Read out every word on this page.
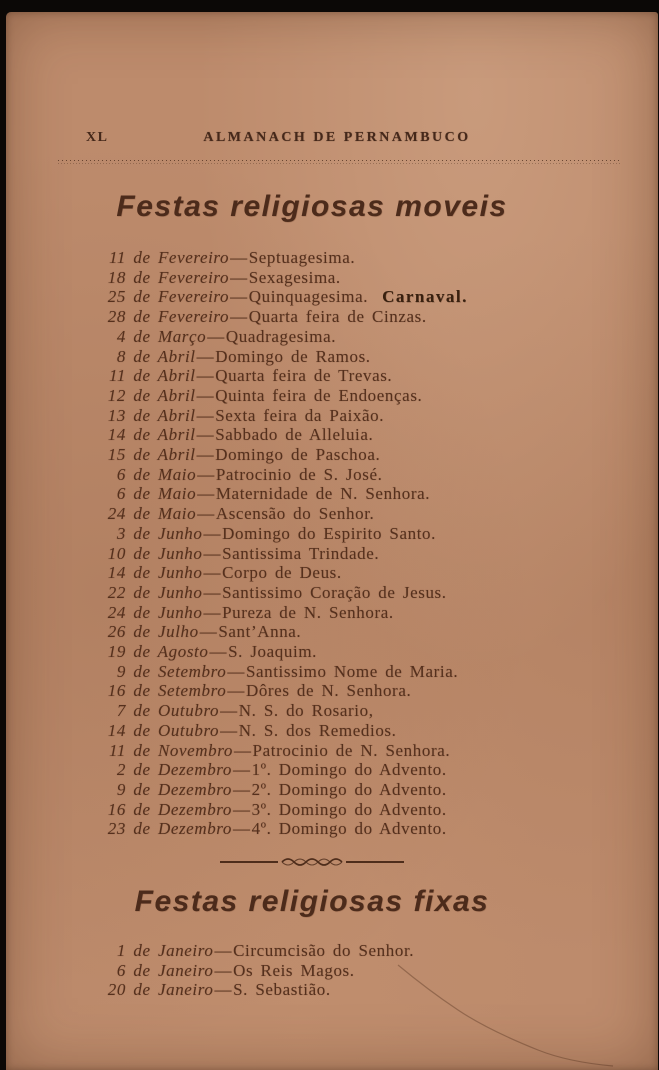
XL	ALMANACH DE PERNAMBUCO
Festas religiosas moveis
11 de Fevereiro—Septuagesima.
18 de Fevereiro—Sexagesima.
25 de Fevereiro—Quinquagesima. Carnaval.
28 de Fevereiro—Quarta feira de Cinzas.
4 de Março—Quadragesima.
8 de Abril—Domingo de Ramos.
11 de Abril—Quarta feira de Trevas.
12 de Abril—Quinta feira de Endoenças.
13 de Abril—Sexta feira da Paixão.
14 de Abril—Sabbado de Alleluia.
15 de Abril—Domingo de Paschoa.
6 de Maio—Patrocinio de S. José.
6 de Maio—Maternidade de N. Senhora.
24 de Maio—Ascensão do Senhor.
3 de Junho—Domingo do Espirito Santo.
10 de Junho—Santissima Trindade.
14 de Junho—Corpo de Deus.
22 de Junho—Santissimo Coração de Jesus.
24 de Junho—Pureza de N. Senhora.
26 de Julho—Sant’Anna.
19 de Agosto—S. Joaquim.
9 de Setembro—Santissimo Nome de Maria.
16 de Setembro—Dôres de N. Senhora.
7 de Outubro—N. S. do Rosario,
14 de Outubro—N. S. dos Remedios.
11 de Novembro—Patrocinio de N. Senhora.
2 de Dezembro—1º. Domingo do Advento.
9 de Dezembro—2º. Domingo do Advento.
16 de Dezembro—3º. Domingo do Advento.
23 de Dezembro—4º. Domingo do Advento.
Festas religiosas fixas
1 de Janeiro—Circumcisão do Senhor.
6 de Janeiro—Os Reis Magos.
20 de Janeiro—S. Sebastião.
